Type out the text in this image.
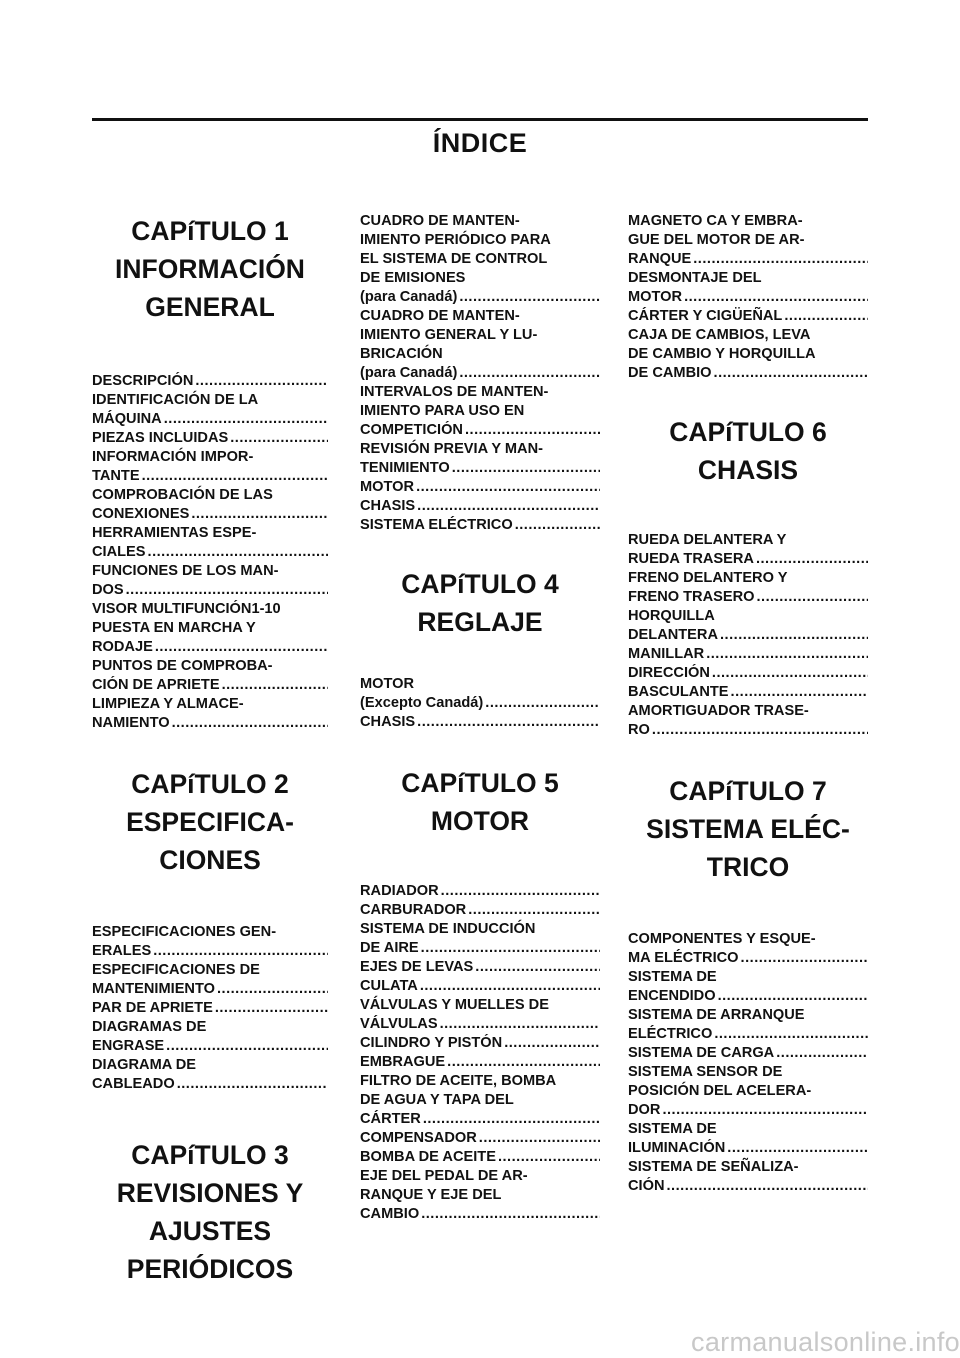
ÍNDICE
CAPíTULO 1
INFORMACIÓN
GENERAL
DESCRIPCIÓN.....
IDENTIFICACIÓN DE LA
MÁQUINA.....
PIEZAS INCLUIDAS.....
INFORMACIÓN IMPOR-
TANTE.....
COMPROBACIÓN DE LAS
CONEXIONES.....
HERRAMIENTAS ESPE-
CIALES.....
FUNCIONES DE LOS MAN-
DOS.....
VISOR MULTIFUNCIÓN1-10
PUESTA EN MARCHA Y
RODAJE.....
PUNTOS DE COMPROBA-
CIÓN DE APRIETE.....
LIMPIEZA Y ALMACE-
NAMIENTO.....
CAPíTULO 2
ESPECIFICA-
CIONES
ESPECIFICACIONES GEN-
ERALES.....
ESPECIFICACIONES DE
MANTENIMIENTO.....
PAR DE APRIETE.....
DIAGRAMAS DE
ENGRASE.....
DIAGRAMA DE
CABLEADO.....
CAPíTULO 3
REVISIONES Y
AJUSTES
PERIÓDICOS
CUADRO DE MANTEN-
IMIENTO PERIÓDICO PARA
EL SISTEMA DE CONTROL
DE EMISIONES
(para Canadá).....
CUADRO DE MANTEN-
IMIENTO GENERAL Y LU-
BRICACIÓN
(para Canadá).....
INTERVALOS DE MANTEN-
IMIENTO PARA USO EN
COMPETICIÓN.....
REVISIÓN PREVIA Y MAN-
TENIMIENTO.....
MOTOR.....
CHASIS.....
SISTEMA ELÉCTRICO.....
CAPíTULO 4
REGLAJE
MOTOR
(Excepto Canadá).....
CHASIS.....
CAPíTULO 5
MOTOR
RADIADOR.....
CARBURADOR.....
SISTEMA DE INDUCCIÓN
DE AIRE.....
EJES DE LEVAS.....
CULATA.....
VÁLVULAS Y MUELLES DE
VÁLVULAS.....
CILINDRO Y PISTÓN.....
EMBRAGUE.....
FILTRO DE ACEITE, BOMBA
DE AGUA Y TAPA DEL
CÁRTER.....
COMPENSADOR.....
BOMBA DE ACEITE.....
EJE DEL PEDAL DE AR-
RANQUE Y EJE DEL
CAMBIO.....
MAGNETO CA Y EMBRA-
GUE DEL MOTOR DE AR-
RANQUE.....
DESMONTAJE DEL
MOTOR.....
CÁRTER Y CIGÜEÑAL.....
CAJA DE CAMBIOS, LEVA
DE CAMBIO Y HORQUILLA
DE CAMBIO.....
CAPíTULO 6
CHASIS
RUEDA DELANTERA Y
RUEDA TRASERA.....
FRENO DELANTERO Y
FRENO TRASERO.....
HORQUILLA
DELANTERA.....
MANILLAR.....
DIRECCIÓN.....
BASCULANTE.....
AMORTIGUADOR TRASE-
RO.....
CAPíTULO 7
SISTEMA ELÉC-
TRICO
COMPONENTES Y ESQUE-
MA ELÉCTRICO.....
SISTEMA DE
ENCENDIDO.....
SISTEMA DE ARRANQUE
ELÉCTRICO.....
SISTEMA DE CARGA.....
SISTEMA SENSOR DE
POSICIÓN DEL ACELERA-
DOR.....
SISTEMA DE
ILUMINACIÓN.....
SISTEMA DE SEÑALIZA-
CIÓN.....
carmanualsonline.info
